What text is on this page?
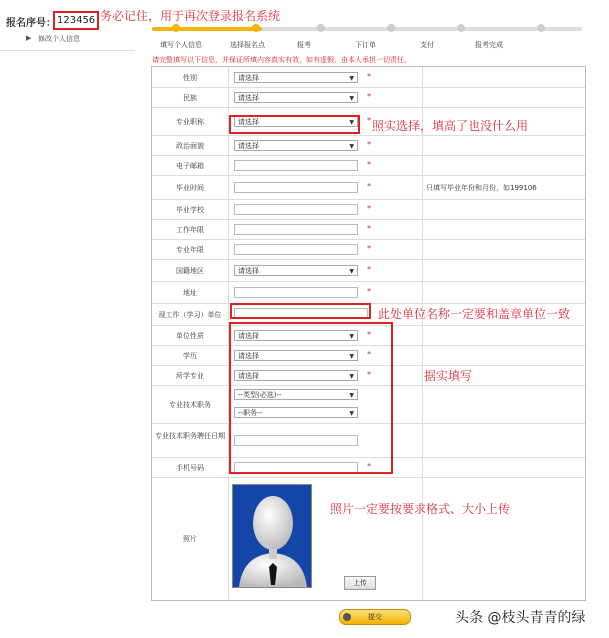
报名序号： 123456 务必记住，用于再次登录报名系统
▶ 修改个人信息
填写个人信息	选择报名点	报考	下订单	支付	报考完成
请完整填写以下信息，并保证所填内容真实有效，如有虚假，由本人承担一切责任。
性别	请选择	▼ *
民族	请选择	▼ *
专业职称	请选择	▼ *
政治面貌	请选择	▼ *
电子邮箱	*
毕业时间	*	只填写毕业年份和月份，如199106
毕业学校	*
工作年限	*
专业年限	*
国籍地区	请选择	▼ *
地址	*
现工作（学习）单位
单位性质	请选择	▼ *
学历	请选择	▼ *
所学专业	请选择	▼ *
专业技术职务
--类型(必选)--	▼
--职务--	▼
专业技术职务聘任日期
手机号码	*
照片
上传
照实选择，填高了也没什么用
此处单位名称一定要和盖章单位一致
据实填写
照片一定要按要求格式、大小上传
提交	头条 @枝头青青的绿
